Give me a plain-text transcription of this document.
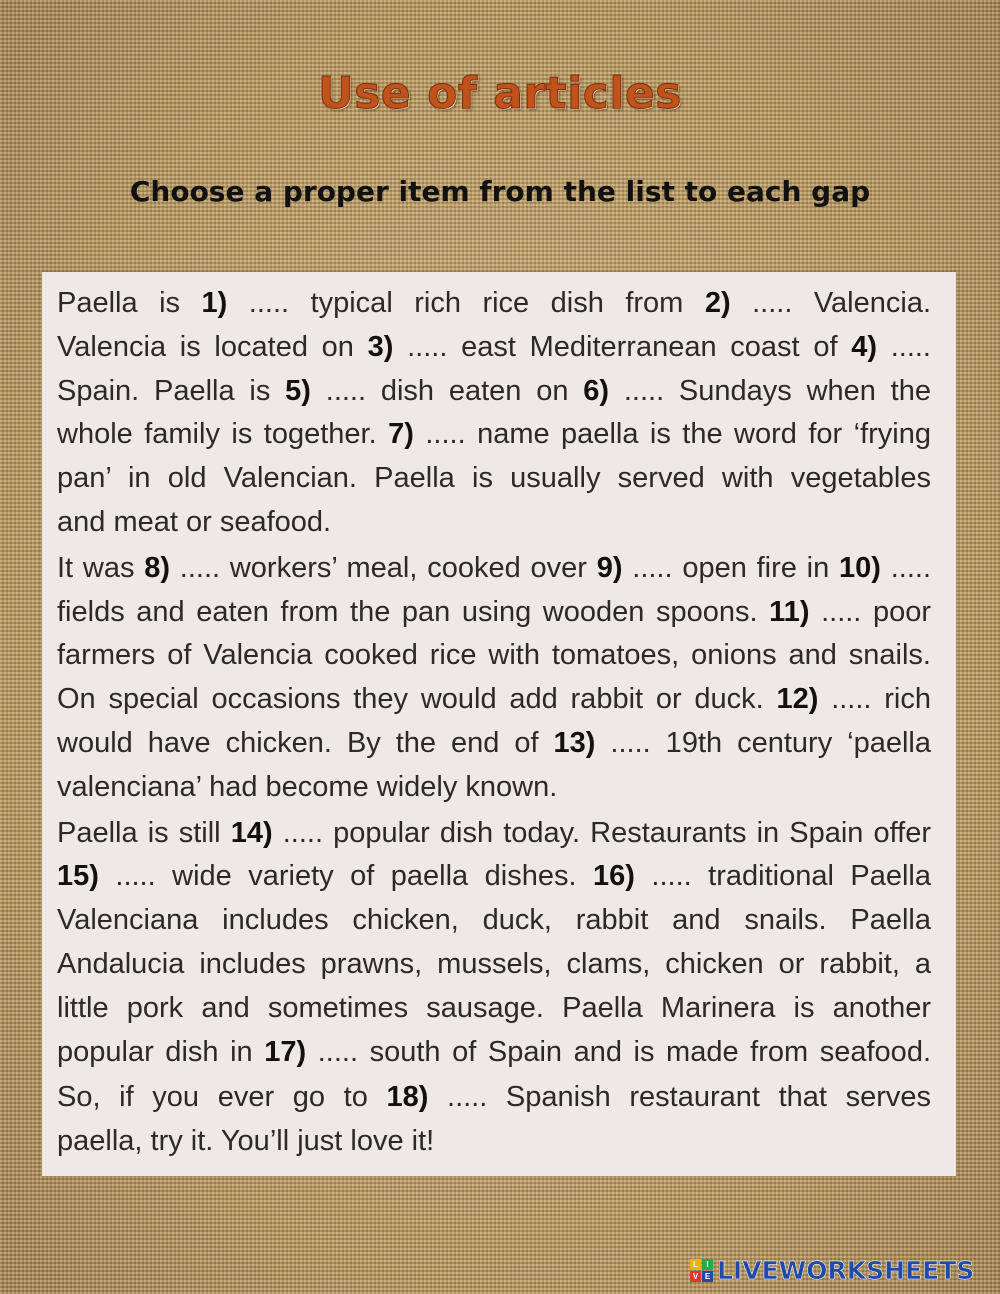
Use of articles
Choose a proper item from the list to each gap
Paella is 1) ..... typical rich rice dish from 2) ..... Valencia.
Valencia is located on 3) ..... east Mediterranean coast of 4) .....
Spain. Paella is 5) ..... dish eaten on 6) ..... Sundays when the
whole family is together. 7) ..... name paella is the word for ‘frying
pan’ in old Valencian. Paella is usually served with vegetables
and meat or seafood.
It was 8) ..... workers’ meal, cooked over 9) ..... open fire in 10) .....
fields and eaten from the pan using wooden spoons. 11) ..... poor
farmers of Valencia cooked rice with tomatoes, onions and snails.
On special occasions they would add rabbit or duck. 12) ..... rich
would have chicken. By the end of 13) ..... 19th century ‘paella
valenciana’ had become widely known.
Paella is still 14) ..... popular dish today. Restaurants in Spain offer
15) ..... wide variety of paella dishes. 16) ..... traditional Paella
Valenciana includes chicken, duck, rabbit and snails. Paella
Andalucia includes prawns, mussels, clams, chicken or rabbit, a
little pork and sometimes sausage. Paella Marinera is another
popular dish in 17) ..... south of Spain and is made from seafood.
So, if you ever go to 18) ..... Spanish restaurant that serves
paella, try it. You’ll just love it!
L	I
V E LIVEWORKSHEETS
